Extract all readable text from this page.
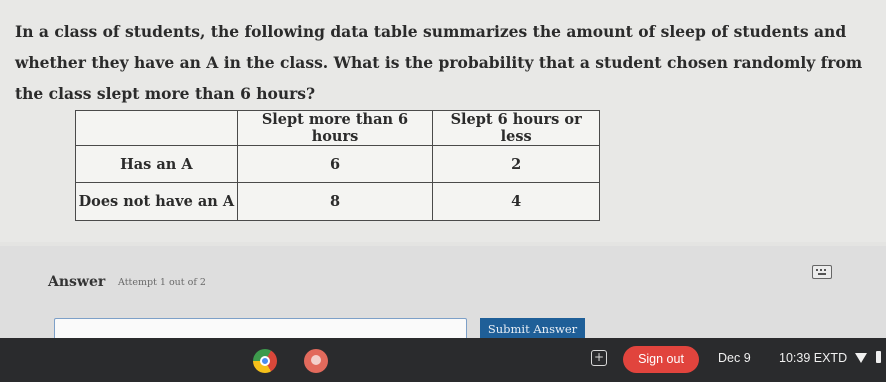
In a class of students, the following data table summarizes the amount of sleep of students and whether they have an A in the class. What is the probability that a student chosen randomly from the class slept more than 6 hours?

	Slept more than 6 hours	Slept 6 hours or less
Has an A	6	2
Does not have an A	8	4
Answer Attempt 1 out of 2
Submit Answer
+	Sign out	Dec 9 10:39 EXTD
